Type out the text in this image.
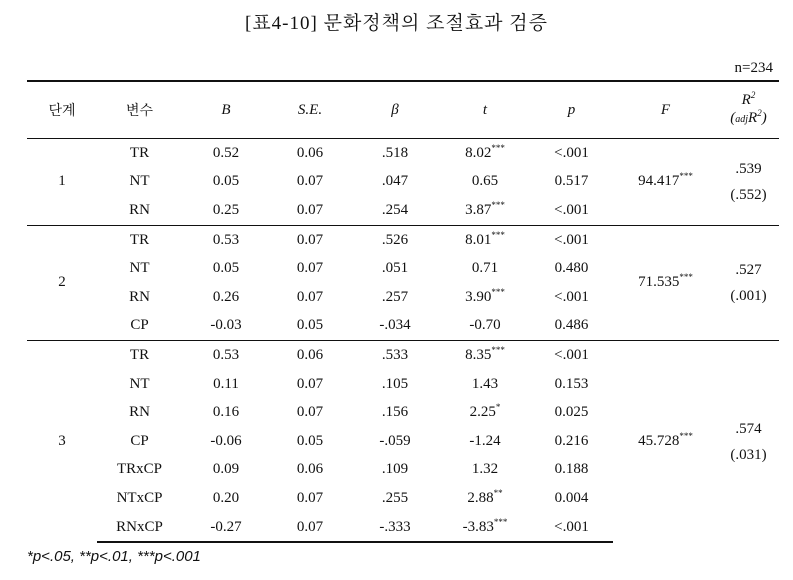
[표4-10] 문화정책의 조절효과 검증
n=234
단계	변수	B	S.E.	β	t	p	F	$R^2$
(adjR$^2$)

1	TR	0.52	0.06	.518	8.02***	<.001	94.417***	.539
(.552)

	NT	0.05	0.07	.047	0.65	0.517		
	RN	0.25	0.07	.254	3.87***	<.001		
2	TR	0.53	0.07	.526	8.01***	<.001	71.535***	.527
(.001)

	NT	0.05	0.07	.051	0.71	0.480		
	RN	0.26	0.07	.257	3.90***	<.001		
	CP	-0.03	0.05	-.034	-0.70	0.486		
3	TR	0.53	0.06	.533	8.35***	<.001	45.728***	.574
(.031)

	NT	0.11	0.07	.105	1.43	0.153		
	RN	0.16	0.07	.156	2.25*	0.025		
	CP	-0.06	0.05	-.059	-1.24	0.216		
	TRxCP	0.09	0.06	.109	1.32	0.188		
	NTxCP	0.20	0.07	.255	2.88**	0.004		
	RNxCP	-0.27	0.07	-.333	-3.83***	<.001		
*p<.05, **p<.01, ***p<.001
